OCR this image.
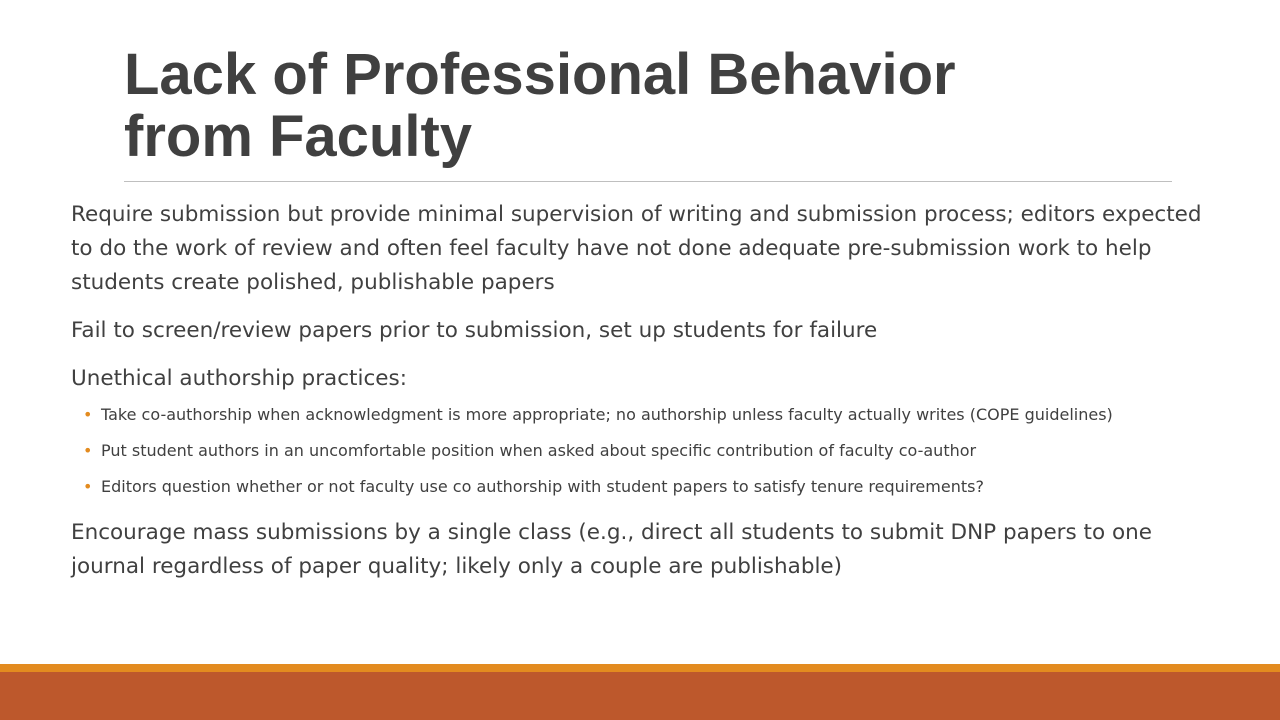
Lack of Professional Behavior
from Faculty

Require submission but provide minimal supervision of writing and submission process; editors expected to do the work of review and often feel faculty have not done adequate pre-submission work to help students create polished, publishable papers

Fail to screen/review papers prior to submission, set up students for failure

Unethical authorship practices:

• Take co-authorship when acknowledgment is more appropriate; no authorship unless faculty actually writes (COPE guidelines)
• Put student authors in an uncomfortable position when asked about specific contribution of faculty co-author
• Editors question whether or not faculty use co authorship with student papers to satisfy tenure requirements?

Encourage mass submissions by a single class (e.g., direct all students to submit DNP papers to one journal regardless of paper quality; likely only a couple are publishable)
